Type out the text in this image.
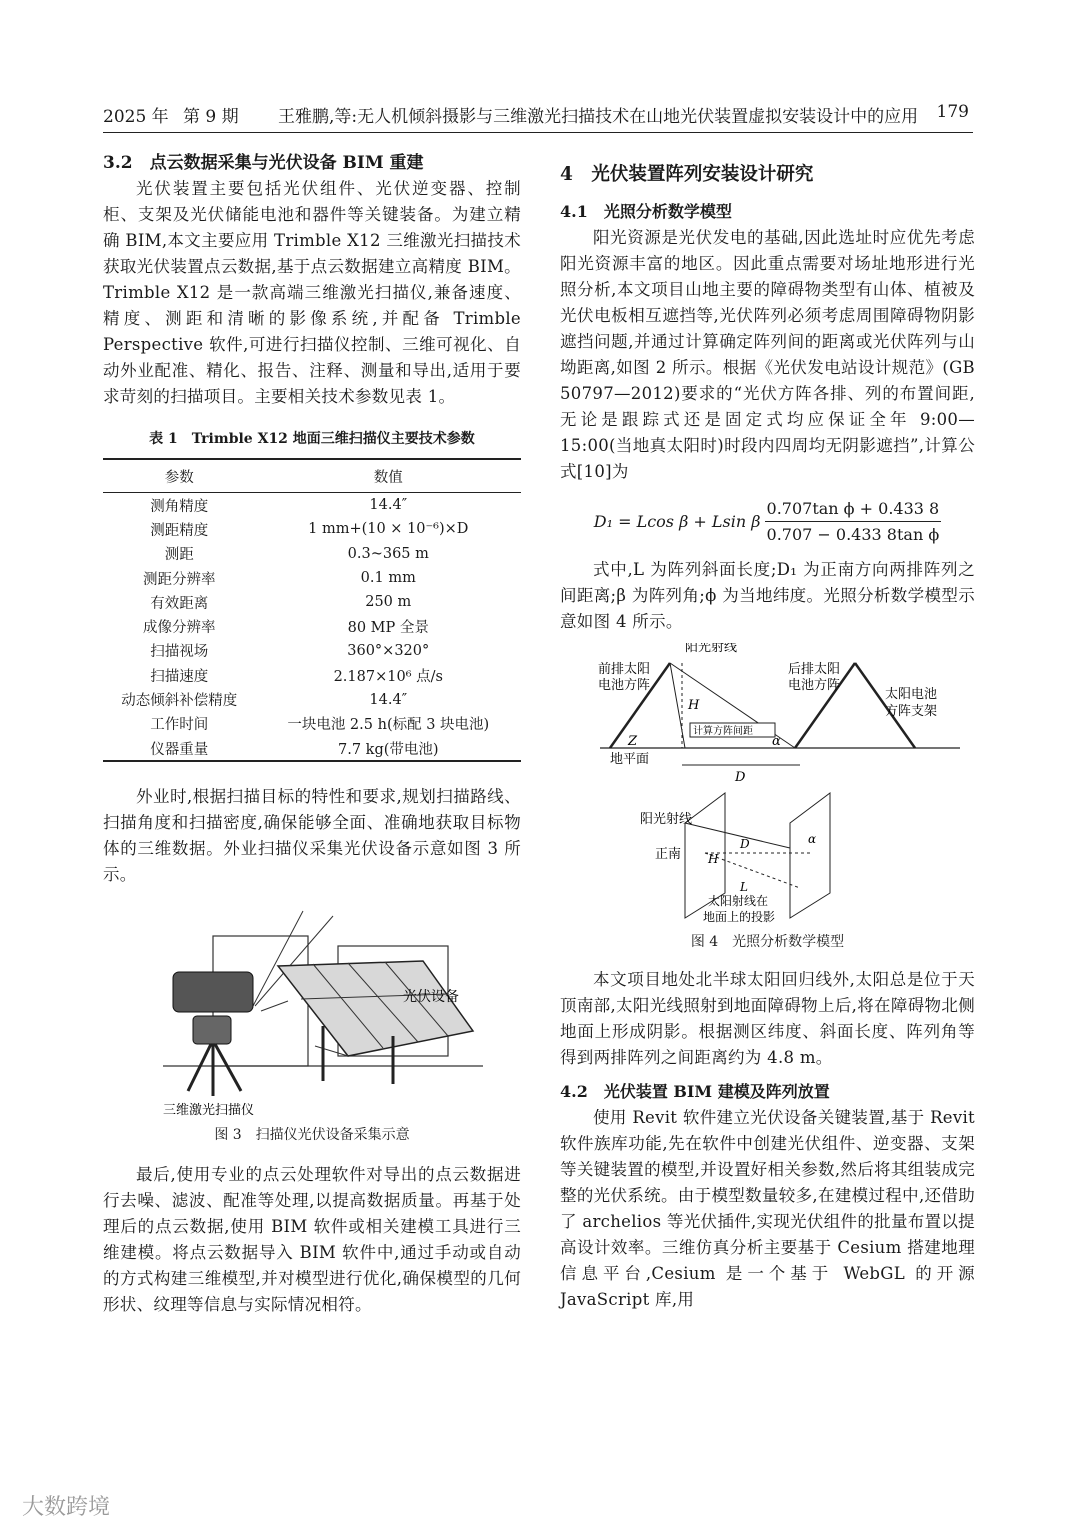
2025 年 第 9 期 王雅鹏,等:无人机倾斜摄影与三维激光扫描技术在山地光伏装置虚拟安装设计中的应用 179
3.2　点云数据采集与光伏设备 BIM 重建

光伏装置主要包括光伏组件、光伏逆变器、控制柜、支架及光伏储能电池和器件等关键装备。为建立精确 BIM,本文主要应用 Trimble X12 三维激光扫描技术获取光伏装置点云数据,基于点云数据建立高精度 BIM。Trimble X12 是一款高端三维激光扫描仪,兼备速度、精度、测距和清晰的影像系统,并配备 Trimble Perspective 软件,可进行扫描仪控制、三维可视化、自动外业配准、精化、报告、注释、测量和导出,适用于要求苛刻的扫描项目。主要相关技术参数见表 1。

表 1　Trimble X12 地面三维扫描仪主要技术参数
参数	数值
测角精度	14.4″
测距精度	1 mm+(10 × 10⁻⁶)×D
测距	0.3~365 m
测距分辨率	0.1 mm
有效距离	250 m
成像分辨率	80 MP 全景
扫描视场	360°×320°
扫描速度	2.187×10⁶ 点/s
动态倾斜补偿精度	14.4″
工作时间	一块电池 2.5 h(标配 3 块电池)
仪器重量	7.7 kg(带电池)

外业时,根据扫描目标的特性和要求,规划扫描路线、扫描角度和扫描密度,确保能够全面、准确地获取目标物体的三维数据。外业扫描仪采集光伏设备示意如图 3 所示。

光伏设备
三维激光扫描仪
图 3　扫描仪光伏设备采集示意

最后,使用专业的点云处理软件对导出的点云数据进行去噪、滤波、配准等处理,以提高数据质量。再基于处理后的点云数据,使用 BIM 软件或相关建模工具进行三维建模。将点云数据导入 BIM 软件中,通过手动或自动的方式构建三维模型,并对模型进行优化,确保模型的几何形状、纹理等信息与实际情况相符。

4　光伏装置阵列安装设计研究
4.1　光照分析数学模型

阳光资源是光伏发电的基础,因此选址时应优先考虑阳光资源丰富的地区。因此重点需要对场址地形进行光照分析,本文项目山地主要的障碍物类型有山体、植被及光伏电板相互遮挡等,光伏阵列必须考虑周围障碍物阴影遮挡问题,并通过计算确定阵列间的距离或光伏阵列与山坳距离,如图 2 所示。根据《光伏发电站设计规范》(GB 50797—2012)要求的“光伏方阵各排、列的布置间距,无论是跟踪式还是固定式均应保证全年 9:00—15:00(当地真太阳时)时段内四周均无阴影遮挡”,计算公式[10]为

D₁ = Lcos β + Lsin β $\frac{\text{0.707tan ϕ + 0.433 8}}{\text{0.707 − 0.433 8tan ϕ}}$

式中,L 为阵列斜面长度;D₁ 为正南方向两排阵列之间距离;β 为阵列角;ϕ 为当地纬度。光照分析数学模型示意如图 4 所示。

阳光射线
前排太阳
电池方阵
后排太阳
电池方阵
太阳电池
方阵支架
H
Z	α
计算方阵间距
地平面
D
阳光射线
正南 H
D
L
α
太阳射线在
地面上的投影
图 4　光照分析数学模型

本文项目地处北半球太阳回归线外,太阳总是位于天顶南部,太阳光线照射到地面障碍物上后,将在障碍物北侧地面上形成阴影。根据测区纬度、斜面长度、阵列角等得到两排阵列之间距离约为 4.8 m。

4.2　光伏装置 BIM 建模及阵列放置

使用 Revit 软件建立光伏设备关键装置,基于 Revit 软件族库功能,先在软件中创建光伏组件、逆变器、支架等关键装置的模型,并设置好相关参数,然后将其组装成完整的光伏系统。由于模型数量较多,在建模过程中,还借助了 archelios 等光伏插件,实现光伏组件的批量布置以提高设计效率。三维仿真分析主要基于 Cesium 搭建地理信息平台,Cesium 是一个基于 WebGL 的开源 JavaScript 库,用

大数跨境
